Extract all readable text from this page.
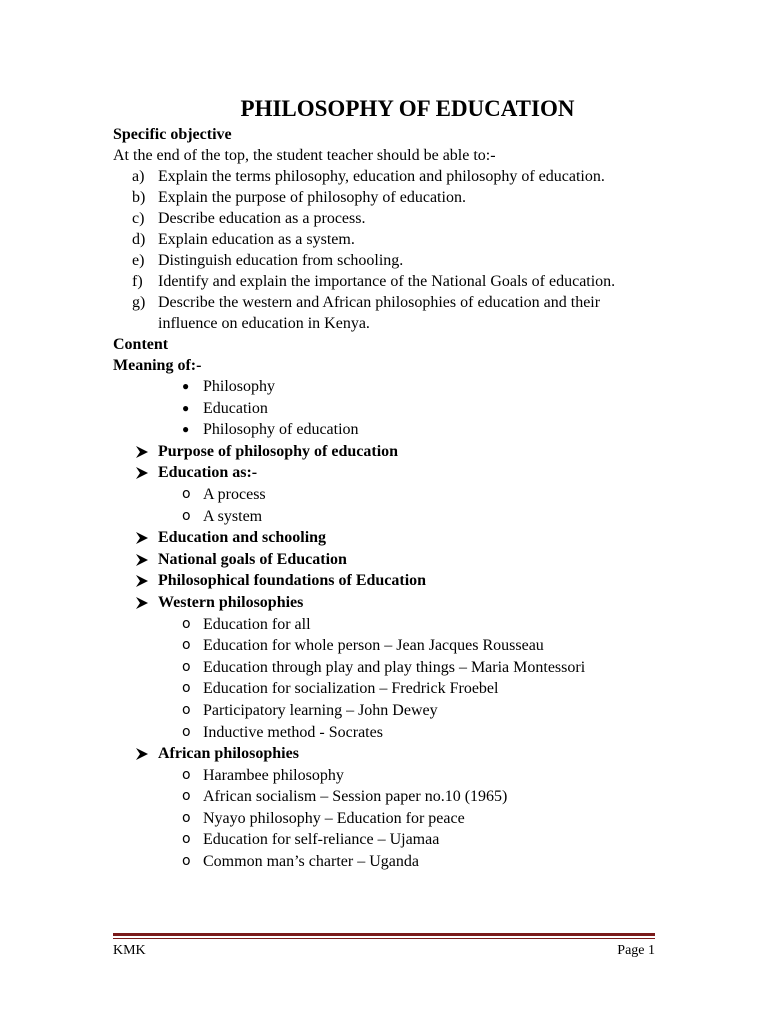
PHILOSOPHY OF EDUCATION
Specific objective
At the end of the top, the student teacher should be able to:-
a) Explain the terms philosophy, education and philosophy of education.
b) Explain the purpose of philosophy of education.
c) Describe education as a process.
d) Explain education as a system.
e) Distinguish education from schooling.
f) Identify and explain the importance of the National Goals of education.
g) Describe the western and African philosophies of education and their influence on education in Kenya.
Content
Meaning of:-
● Philosophy
● Education
● Philosophy of education
Purpose of philosophy of education
Education as:-
o A process
o A system
Education and schooling
National goals of Education
Philosophical foundations of Education
Western philosophies
o Education for all
o Education for whole person – Jean Jacques Rousseau
o Education through play and play things – Maria Montessori
o Education for socialization – Fredrick Froebel
o Participatory learning – John Dewey
o Inductive method - Socrates
African philosophies
o Harambee philosophy
o African socialism – Session paper no.10 (1965)
o Nyayo philosophy – Education for peace
o Education for self-reliance – Ujamaa
o Common man’s charter – Uganda
KMK	Page 1
